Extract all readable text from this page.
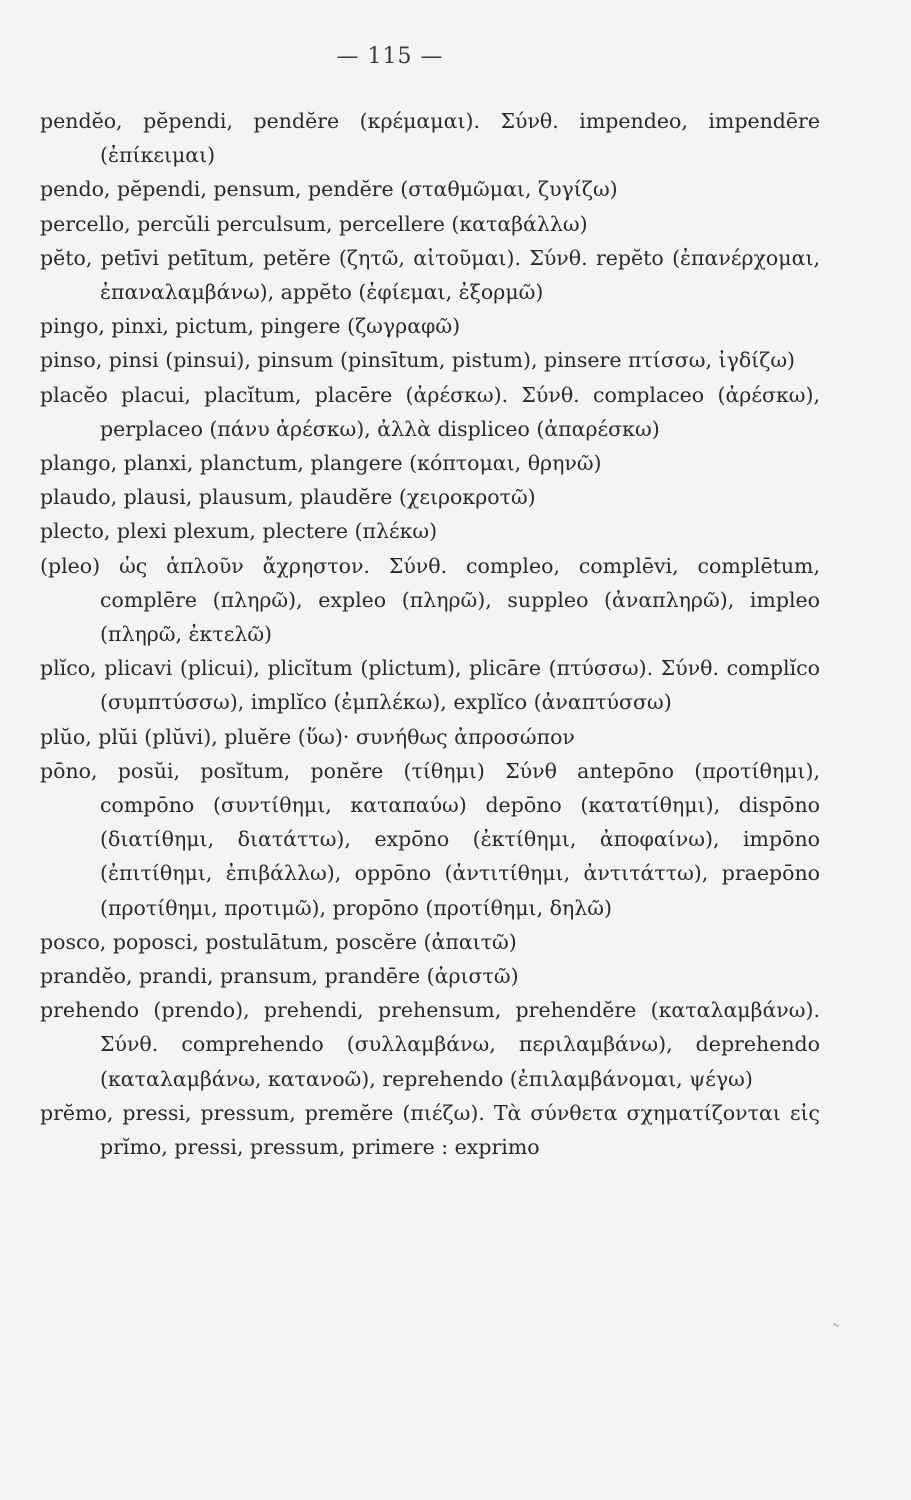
— 115 —

pendĕo, pĕpendi, pendĕre (κρέμαμαι). Σύνθ. impendeo, impendēre (ἐπίκειμαι)

pendo, pĕpendi, pensum, pendĕre (σταθμῶμαι, ζυγίζω)

percello, percŭli perculsum, percellere (καταβάλλω)

pĕto, petīvi petītum, petĕre (ζητῶ, αἰτοῦμαι). Σύνθ. repĕto (ἐπανέρχομαι, ἐπαναλαμβάνω), appĕto (ἐφίεμαι, ἐξορμῶ)

pingo, pinxi, pictum, pingere (ζωγραφῶ)

pinso, pinsi (pinsui), pinsum (pinsītum, pistum), pinsere πτίσσω, ἰγδίζω)

placĕo placui, placĭtum, placēre (ἀρέσκω). Σύνθ. complaceo (ἀρέσκω), perplaceo (πάνυ ἀρέσκω), ἀλλὰ displiceo (ἀπαρέσκω)

plango, planxi, planctum, plangere (κόπτομαι, θρηνῶ)

plaudo, plausi, plausum, plaudĕre (χειροκροτῶ)

plecto, plexi plexum, plectere (πλέκω)

(pleo) ὡς ἁπλοῦν ἄχρηστον. Σύνθ. compleo, complēvi, complētum, complēre (πληρῶ), expleo (πληρῶ), suppleo (ἀναπληρῶ), impleo (πληρῶ, ἐκτελῶ)

plĭco, plicavi (plicui), plicĭtum (plictum), plicāre (πτύσσω). Σύνθ. complĭco (συμπτύσσω), implĭco (ἐμπλέκω), explĭco (ἀναπτύσσω)

plŭo, plŭi (plŭvi), pluĕre (ὕω)· συνήθως ἀπροσώπον

pōno, posŭi, posĭtum, ponĕre (τίθημι) Σύνθ antepōno (προτίθημι), compōno (συντίθημι, καταπαύω) depōno (κατατίθημι), dispōno (διατίθημι, διατάττω), expōno (ἐκτίθημι, ἀποφαίνω), impōno (ἐπιτίθημι, ἐπιβάλλω), oppōno (ἀντιτίθημι, ἀντιτάττω), praepōno (προτίθημι, προτιμῶ), propōno (προτίθημι, δηλῶ)

posco, poposci, postulātum, poscĕre (ἀπαιτῶ)

prandĕo, prandi, pransum, prandēre (ἀριστῶ)

prehendo (prendo), prehendi, prehensum, prehendĕre (καταλαμβάνω). Σύνθ. comprehendo (συλλαμβάνω, περιλαμβάνω), deprehendo (καταλαμβάνω, κατανοῶ), reprehendo (ἐπιλαμβάνομαι, ψέγω)

prĕmo, pressi, pressum, premĕre (πιέζω). Τὰ σύνθετα σχηματίζονται εἰς prĭmo, pressi, pressum, primere : exprimo
